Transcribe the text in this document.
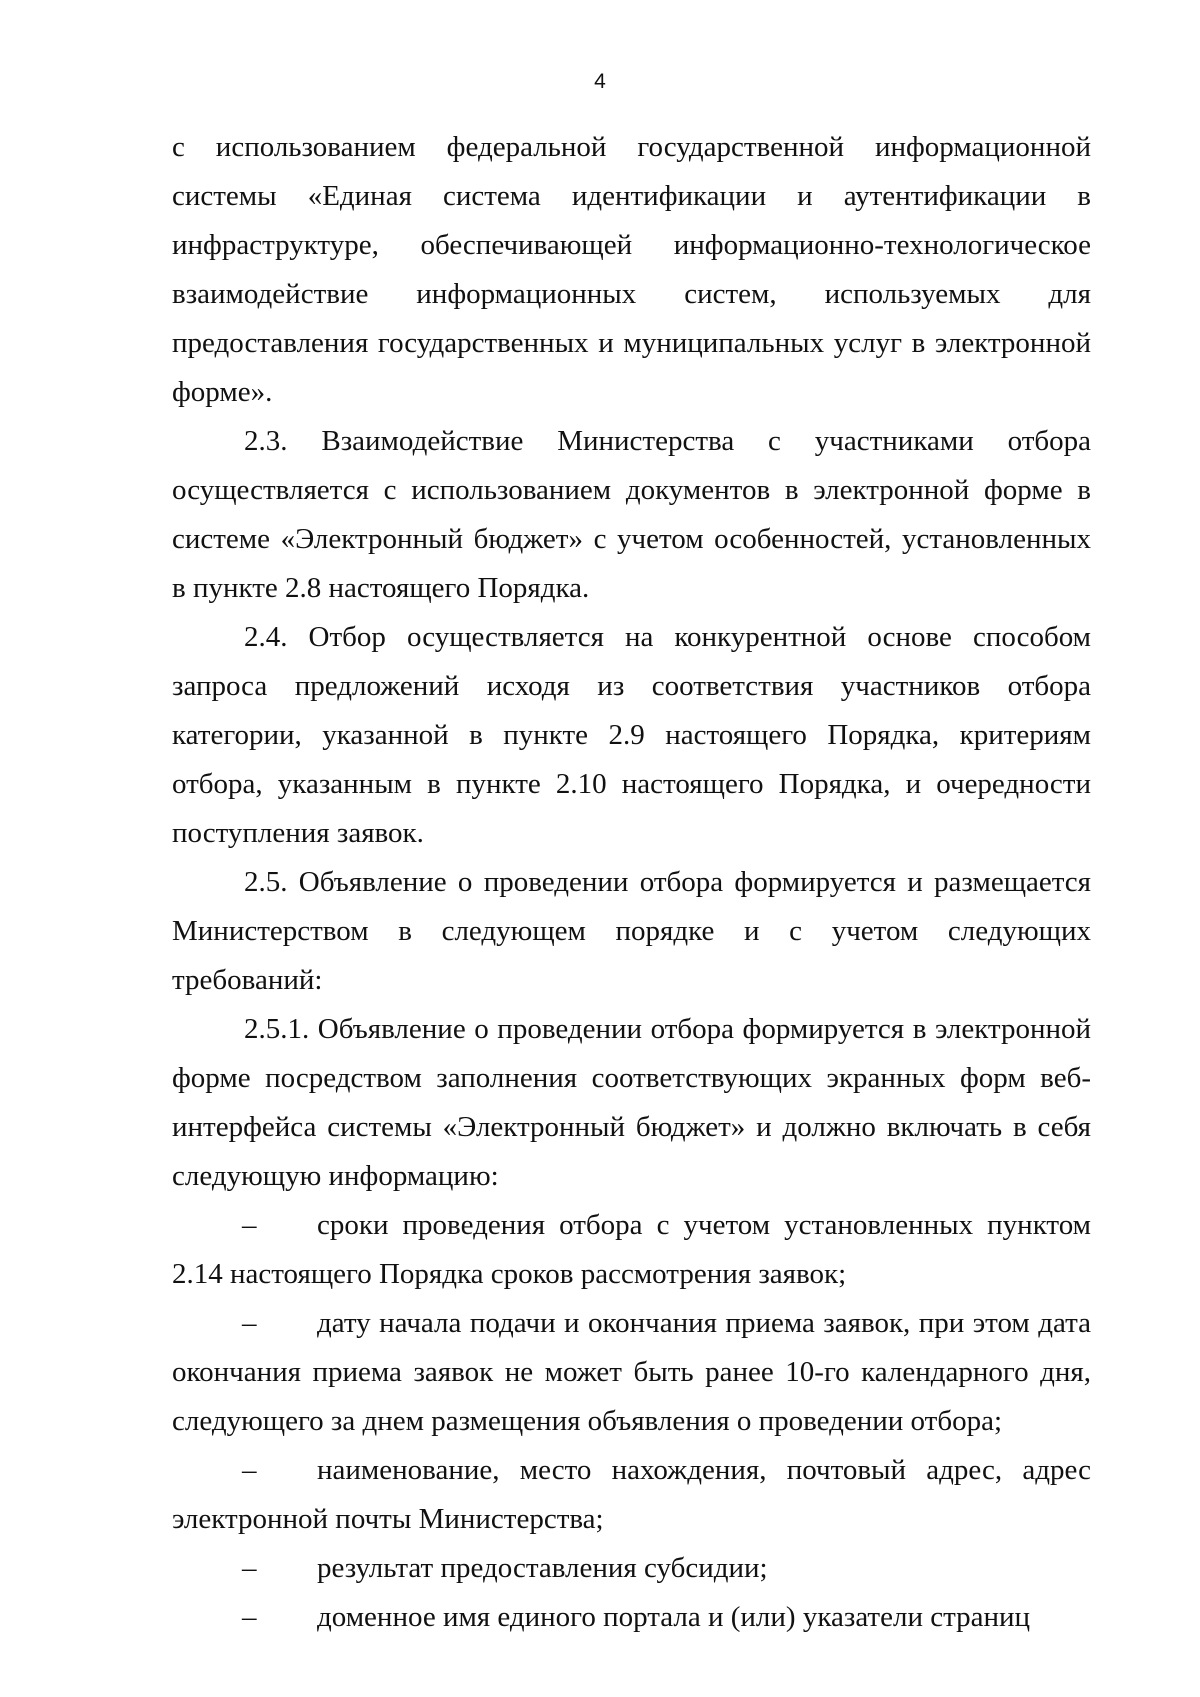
4

с использованием федеральной государственной информационной системы «Единая система идентификации и аутентификации в инфраструктуре, обеспечивающей информационно-технологическое взаимодействие информационных систем, используемых для предоставления государственных и муниципальных услуг в электронной форме».

2.3. Взаимодействие Министерства с участниками отбора осуществляется с использованием документов в электронной форме в системе «Электронный бюджет» с учетом особенностей, установленных в пункте 2.8 настоящего Порядка.

2.4. Отбор осуществляется на конкурентной основе способом запроса предложений исходя из соответствия участников отбора категории, указанной в пункте 2.9 настоящего Порядка, критериям отбора, указанным в пункте 2.10 настоящего Порядка, и очередности поступления заявок.

2.5. Объявление о проведении отбора формируется и размещается Министерством в следующем порядке и с учетом следующих требований:

2.5.1. Объявление о проведении отбора формируется в электронной форме посредством заполнения соответствующих экранных форм веб-интерфейса системы «Электронный бюджет» и должно включать в себя следующую информацию:

– сроки проведения отбора с учетом установленных пунктом 2.14 настоящего Порядка сроков рассмотрения заявок;

– дату начала подачи и окончания приема заявок, при этом дата окончания приема заявок не может быть ранее 10-го календарного дня, следующего за днем размещения объявления о проведении отбора;

– наименование, место нахождения, почтовый адрес, адрес электронной почты Министерства;

– результат предоставления субсидии;

– доменное имя единого портала и (или) указатели страниц
